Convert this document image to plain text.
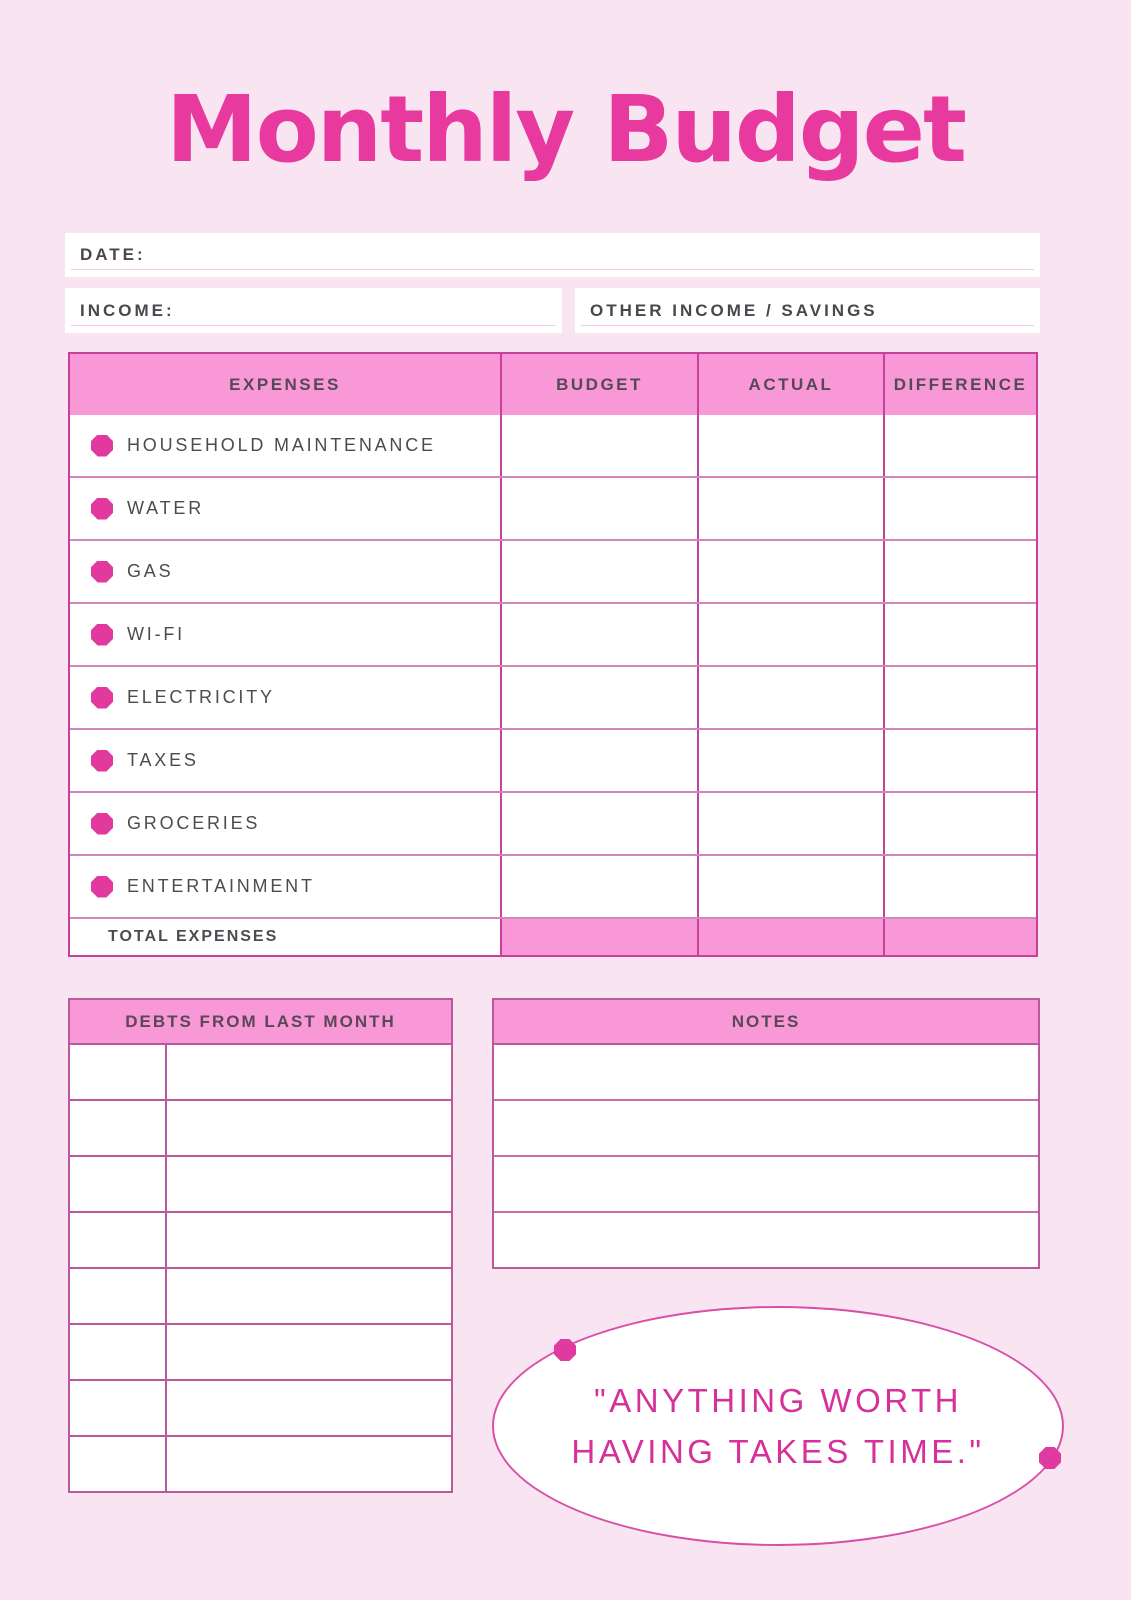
Monthly Budget
DATE:
INCOME:	OTHER INCOME / SAVINGS
EXPENSES	BUDGET	ACTUAL	DIFFERENCE
HOUSEHOLD MAINTENANCE
WATER
GAS
WI-FI
ELECTRICITY
TAXES
GROCERIES
ENTERTAINMENT
TOTAL EXPENSES
DEBTS FROM LAST MONTH	NOTES
"ANYTHING WORTH
HAVING TAKES TIME."
